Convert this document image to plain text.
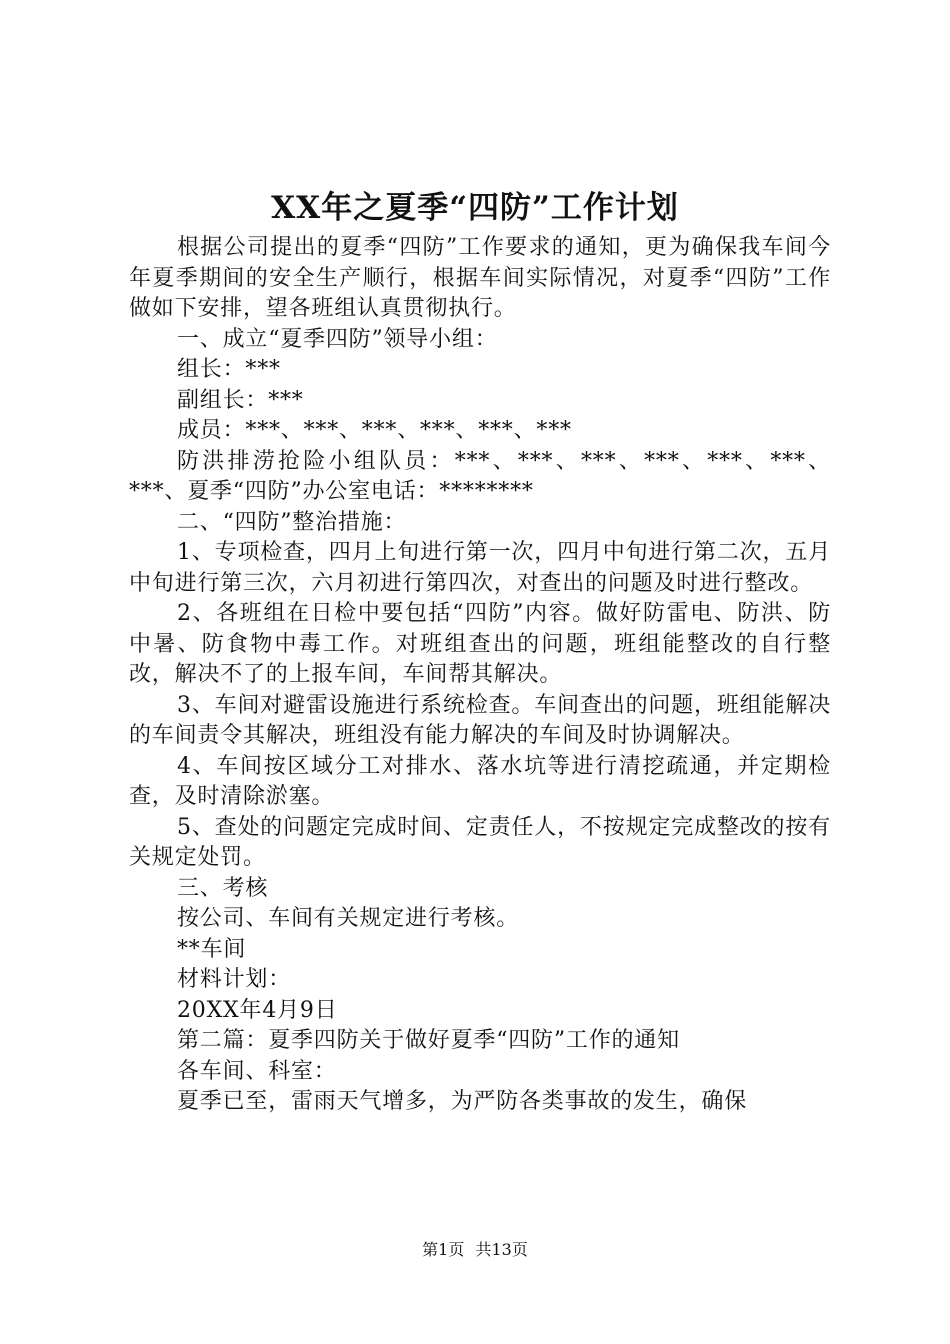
XX年之夏季“四防”工作计划

根据公司提出的夏季“四防”工作要求的通知，更为确保我车间今年夏季期间的安全生产顺行，根据车间实际情况，对夏季“四防”工作做如下安排，望各班组认真贯彻执行。

一、成立“夏季四防”领导小组：

组长：***

副组长：***

成员：***、***、***、***、***、***

防洪排涝抢险小组队员：***、***、***、***、***、***、***、夏季“四防”办公室电话：********

二、“四防”整治措施：

1、专项检查，四月上旬进行第一次，四月中旬进行第二次，五月中旬进行第三次，六月初进行第四次，对查出的问题及时进行整改。

2、各班组在日检中要包括“四防”内容。做好防雷电、防洪、防中暑、防食物中毒工作。对班组查出的问题，班组能整改的自行整改，解决不了的上报车间，车间帮其解决。

3、车间对避雷设施进行系统检查。车间查出的问题，班组能解决的车间责令其解决，班组没有能力解决的车间及时协调解决。

4、车间按区域分工对排水、落水坑等进行清挖疏通，并定期检查，及时清除淤塞。

5、查处的问题定完成时间、定责任人，不按规定完成整改的按有关规定处罚。

三、考核

按公司、车间有关规定进行考核。

**车间

材料计划：

20XX年4月9日

第二篇：夏季四防关于做好夏季“四防”工作的通知

各车间、科室：

夏季已至，雷雨天气增多，为严防各类事故的发生，确保

第1页 共13页
